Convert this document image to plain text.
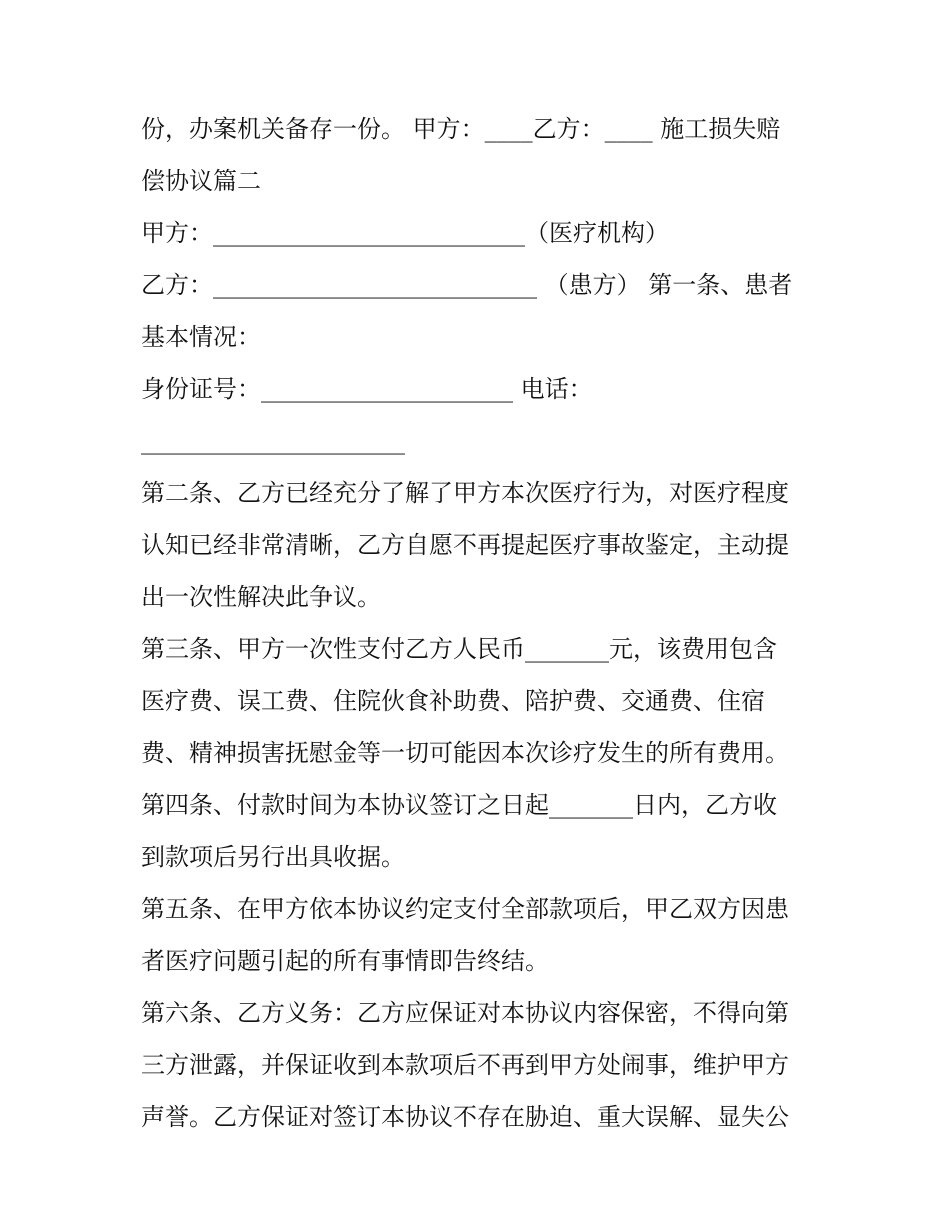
份，办案机关备存一份。 甲方：____乙方：____ 施工损失赔
偿协议篇二
甲方：__________________________（医疗机构）
乙方：___________________________ （患方） 第一条、患者
基本情况：
身份证号：_____________________ 电话：
______________________
第二条、乙方已经充分了解了甲方本次医疗行为，对医疗程度
认知已经非常清晰，乙方自愿不再提起医疗事故鉴定，主动提
出一次性解决此争议。
第三条、甲方一次性支付乙方人民币_______元，该费用包含
医疗费、误工费、住院伙食补助费、陪护费、交通费、住宿
费、精神损害抚慰金等一切可能因本次诊疗发生的所有费用。
第四条、付款时间为本协议签订之日起_______日内，乙方收
到款项后另行出具收据。
第五条、在甲方依本协议约定支付全部款项后，甲乙双方因患
者医疗问题引起的所有事情即告终结。
第六条、乙方义务：乙方应保证对本协议内容保密，不得向第
三方泄露，并保证收到本款项后不再到甲方处闹事，维护甲方
声誉。乙方保证对签订本协议不存在胁迫、重大误解、显失公
